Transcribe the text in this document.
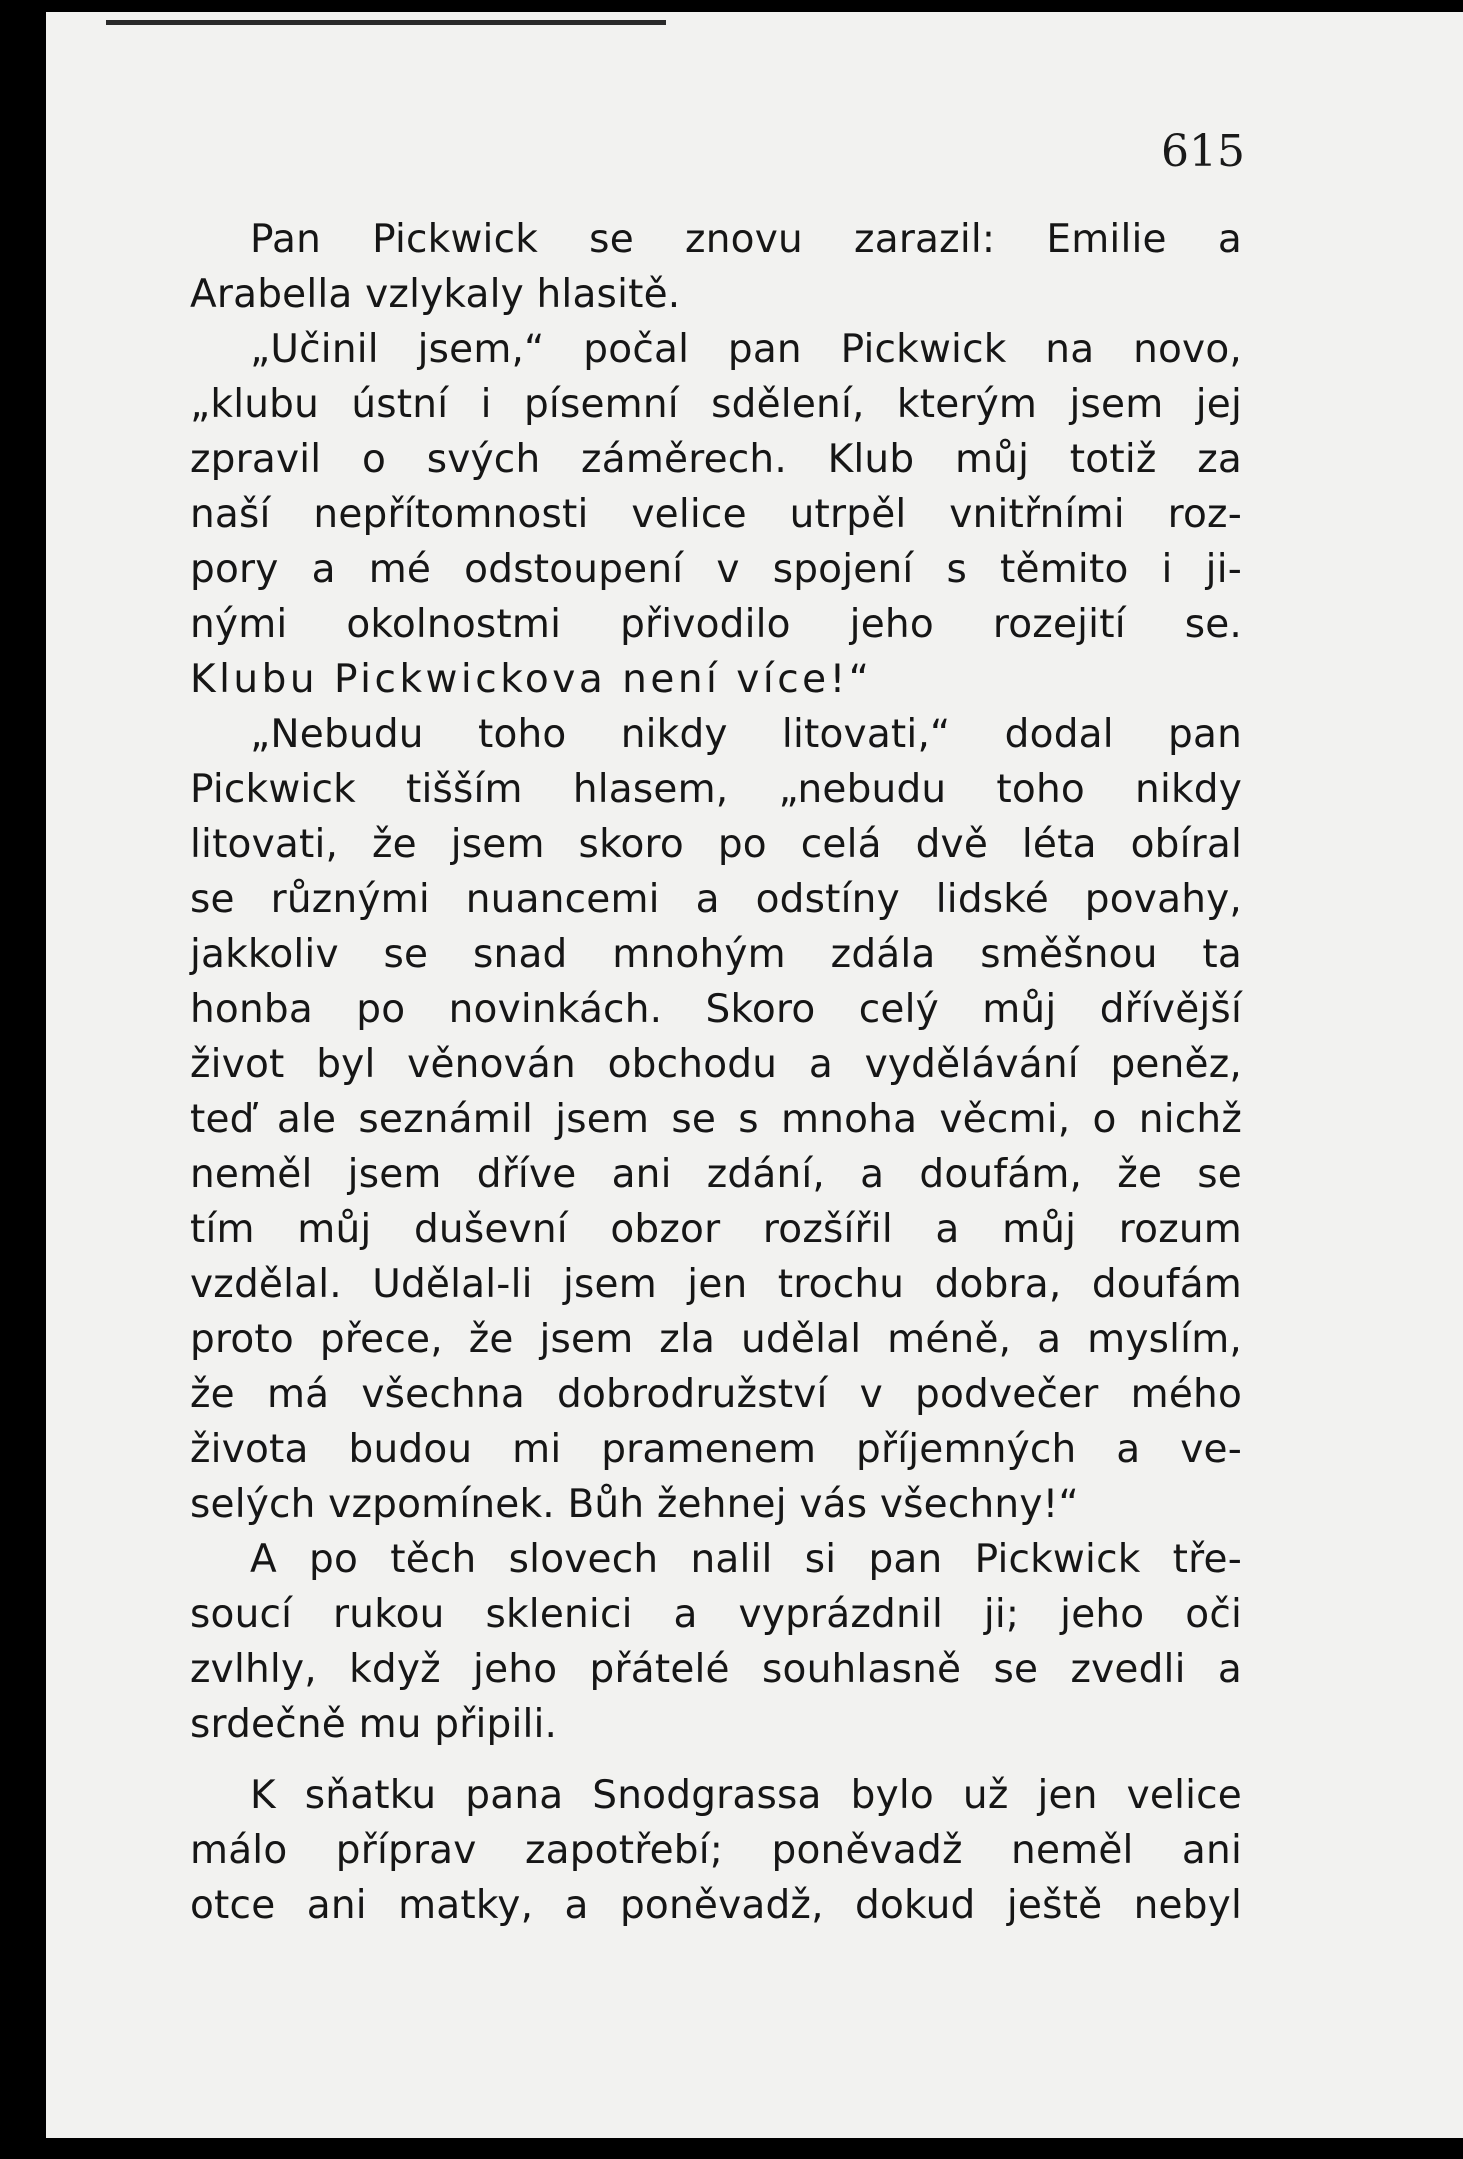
615
Pan Pickwick se znovu zarazil: Emilie a
Arabella vzlykaly hlasitě.
„Učinil jsem,“ počal pan Pickwick na novo,
„klubu ústní i písemní sdělení, kterým jsem jej
zpravil o svých záměrech. Klub můj totiž za
naší nepřítomnosti velice utrpěl vnitřními roz-
pory a mé odstoupení v spojení s těmito i ji-
nými okolnostmi přivodilo jeho rozejití se.
Klubu Pickwickova není více!“
„Nebudu toho nikdy litovati,“ dodal pan
Pickwick tišším hlasem, „nebudu toho nikdy
litovati, že jsem skoro po celá dvě léta obíral
se různými nuancemi a odstíny lidské povahy,
jakkoliv se snad mnohým zdála směšnou ta
honba po novinkách. Skoro celý můj dřívější
život byl věnován obchodu a vydělávání peněz,
teď ale seznámil jsem se s mnoha věcmi, o nichž
neměl jsem dříve ani zdání, a doufám, že se
tím můj duševní obzor rozšířil a můj rozum
vzdělal. Udělal-li jsem jen trochu dobra, doufám
proto přece, že jsem zla udělal méně, a myslím,
že má všechna dobrodružství v podvečer mého
života budou mi pramenem příjemných a ve-
selých vzpomínek. Bůh žehnej vás všechny!“
A po těch slovech nalil si pan Pickwick tře-
soucí rukou sklenici a vyprázdnil ji; jeho oči
zvlhly, když jeho přátelé souhlasně se zvedli a
srdečně mu připili.
K sňatku pana Snodgrassa bylo už jen velice
málo příprav zapotřebí; poněvadž neměl ani
otce ani matky, a poněvadž, dokud ještě nebyl
